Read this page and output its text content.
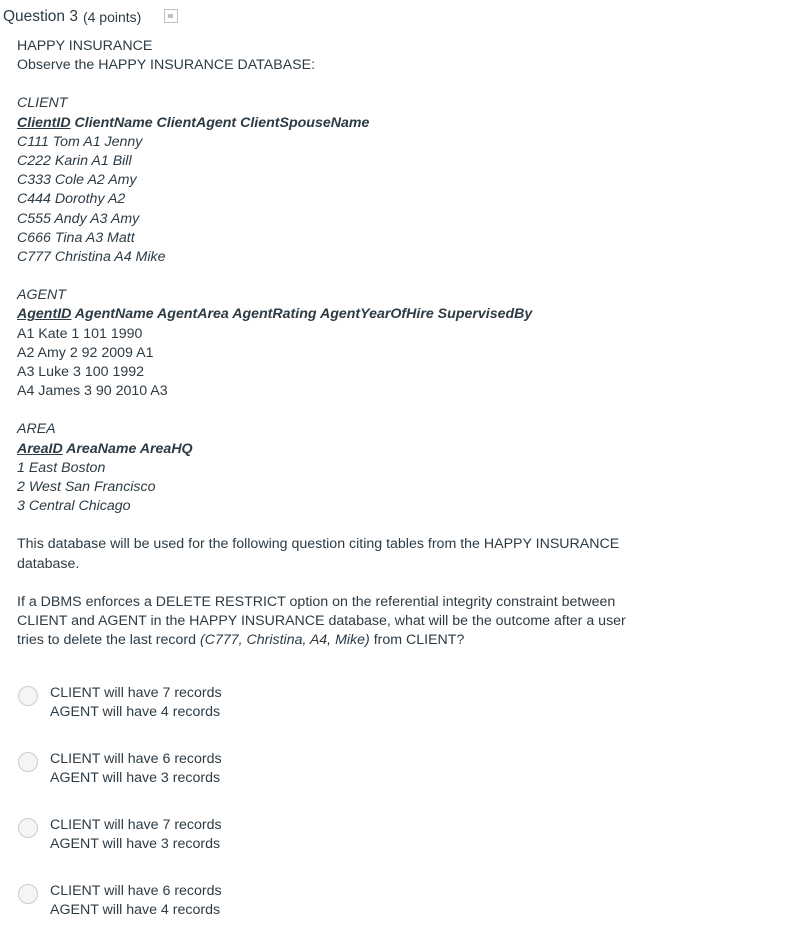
Question 3 (4 points)
HAPPY INSURANCE
Observe the HAPPY INSURANCE DATABASE:
CLIENT
ClientID ClientName ClientAgent ClientSpouseName
C111 Tom A1 Jenny
C222 Karin A1 Bill
C333 Cole A2 Amy
C444 Dorothy A2
C555 Andy A3 Amy
C666 Tina A3 Matt
C777 Christina A4 Mike
AGENT
AgentID AgentName AgentArea AgentRating AgentYearOfHire SupervisedBy
A1 Kate 1 101 1990
A2 Amy 2 92 2009 A1
A3 Luke 3 100 1992
A4 James 3 90 2010 A3
AREA
AreaID AreaName AreaHQ
1 East Boston
2 West San Francisco
3 Central Chicago
This database will be used for the following question citing tables from the HAPPY INSURANCE database.
If a DBMS enforces a DELETE RESTRICT option on the referential integrity constraint between CLIENT and AGENT in the HAPPY INSURANCE database, what will be the outcome after a user tries to delete the last record (C777, Christina, A4, Mike) from CLIENT?
CLIENT will have 7 records
AGENT will have 4 records
CLIENT will have 6 records
AGENT will have 3 records
CLIENT will have 7 records
AGENT will have 3 records
CLIENT will have 6 records
AGENT will have 4 records
